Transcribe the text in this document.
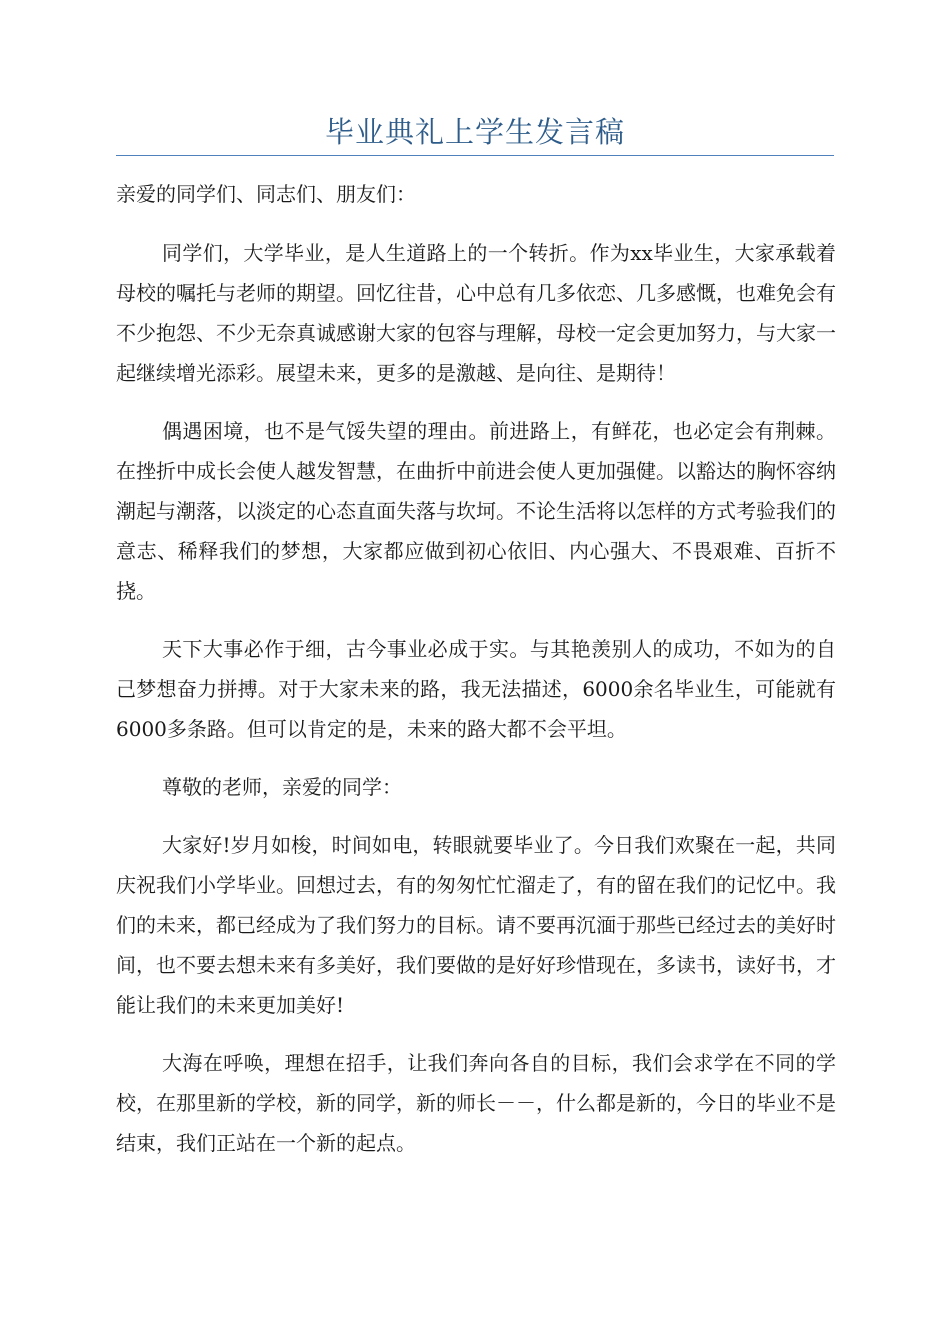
毕业典礼上学生发言稿

亲爱的同学们、同志们、朋友们：

同学们，大学毕业，是人生道路上的一个转折。作为xx毕业生，大家承载着母校的嘱托与老师的期望。回忆往昔，心中总有几多依恋、几多感慨，也难免会有不少抱怨、不少无奈真诚感谢大家的包容与理解，母校一定会更加努力，与大家一起继续增光添彩。展望未来，更多的是激越、是向往、是期待！

偶遇困境，也不是气馁失望的理由。前进路上，有鲜花，也必定会有荆棘。在挫折中成长会使人越发智慧，在曲折中前进会使人更加强健。以豁达的胸怀容纳潮起与潮落，以淡定的心态直面失落与坎坷。不论生活将以怎样的方式考验我们的意志、稀释我们的梦想，大家都应做到初心依旧、内心强大、不畏艰难、百折不挠。

天下大事必作于细，古今事业必成于实。与其艳羡别人的成功，不如为的自己梦想奋力拼搏。对于大家未来的路，我无法描述，6000余名毕业生，可能就有6000多条路。但可以肯定的是，未来的路大都不会平坦。

尊敬的老师，亲爱的同学：

大家好!岁月如梭，时间如电，转眼就要毕业了。今日我们欢聚在一起，共同庆祝我们小学毕业。回想过去，有的匆匆忙忙溜走了，有的留在我们的记忆中。我们的未来，都已经成为了我们努力的目标。请不要再沉湎于那些已经过去的美好时间，也不要去想未来有多美好，我们要做的是好好珍惜现在，多读书，读好书，才能让我们的未来更加美好!

大海在呼唤，理想在招手，让我们奔向各自的目标，我们会求学在不同的学校，在那里新的学校，新的同学，新的师长－－，什么都是新的，今日的毕业不是结束，我们正站在一个新的起点。
